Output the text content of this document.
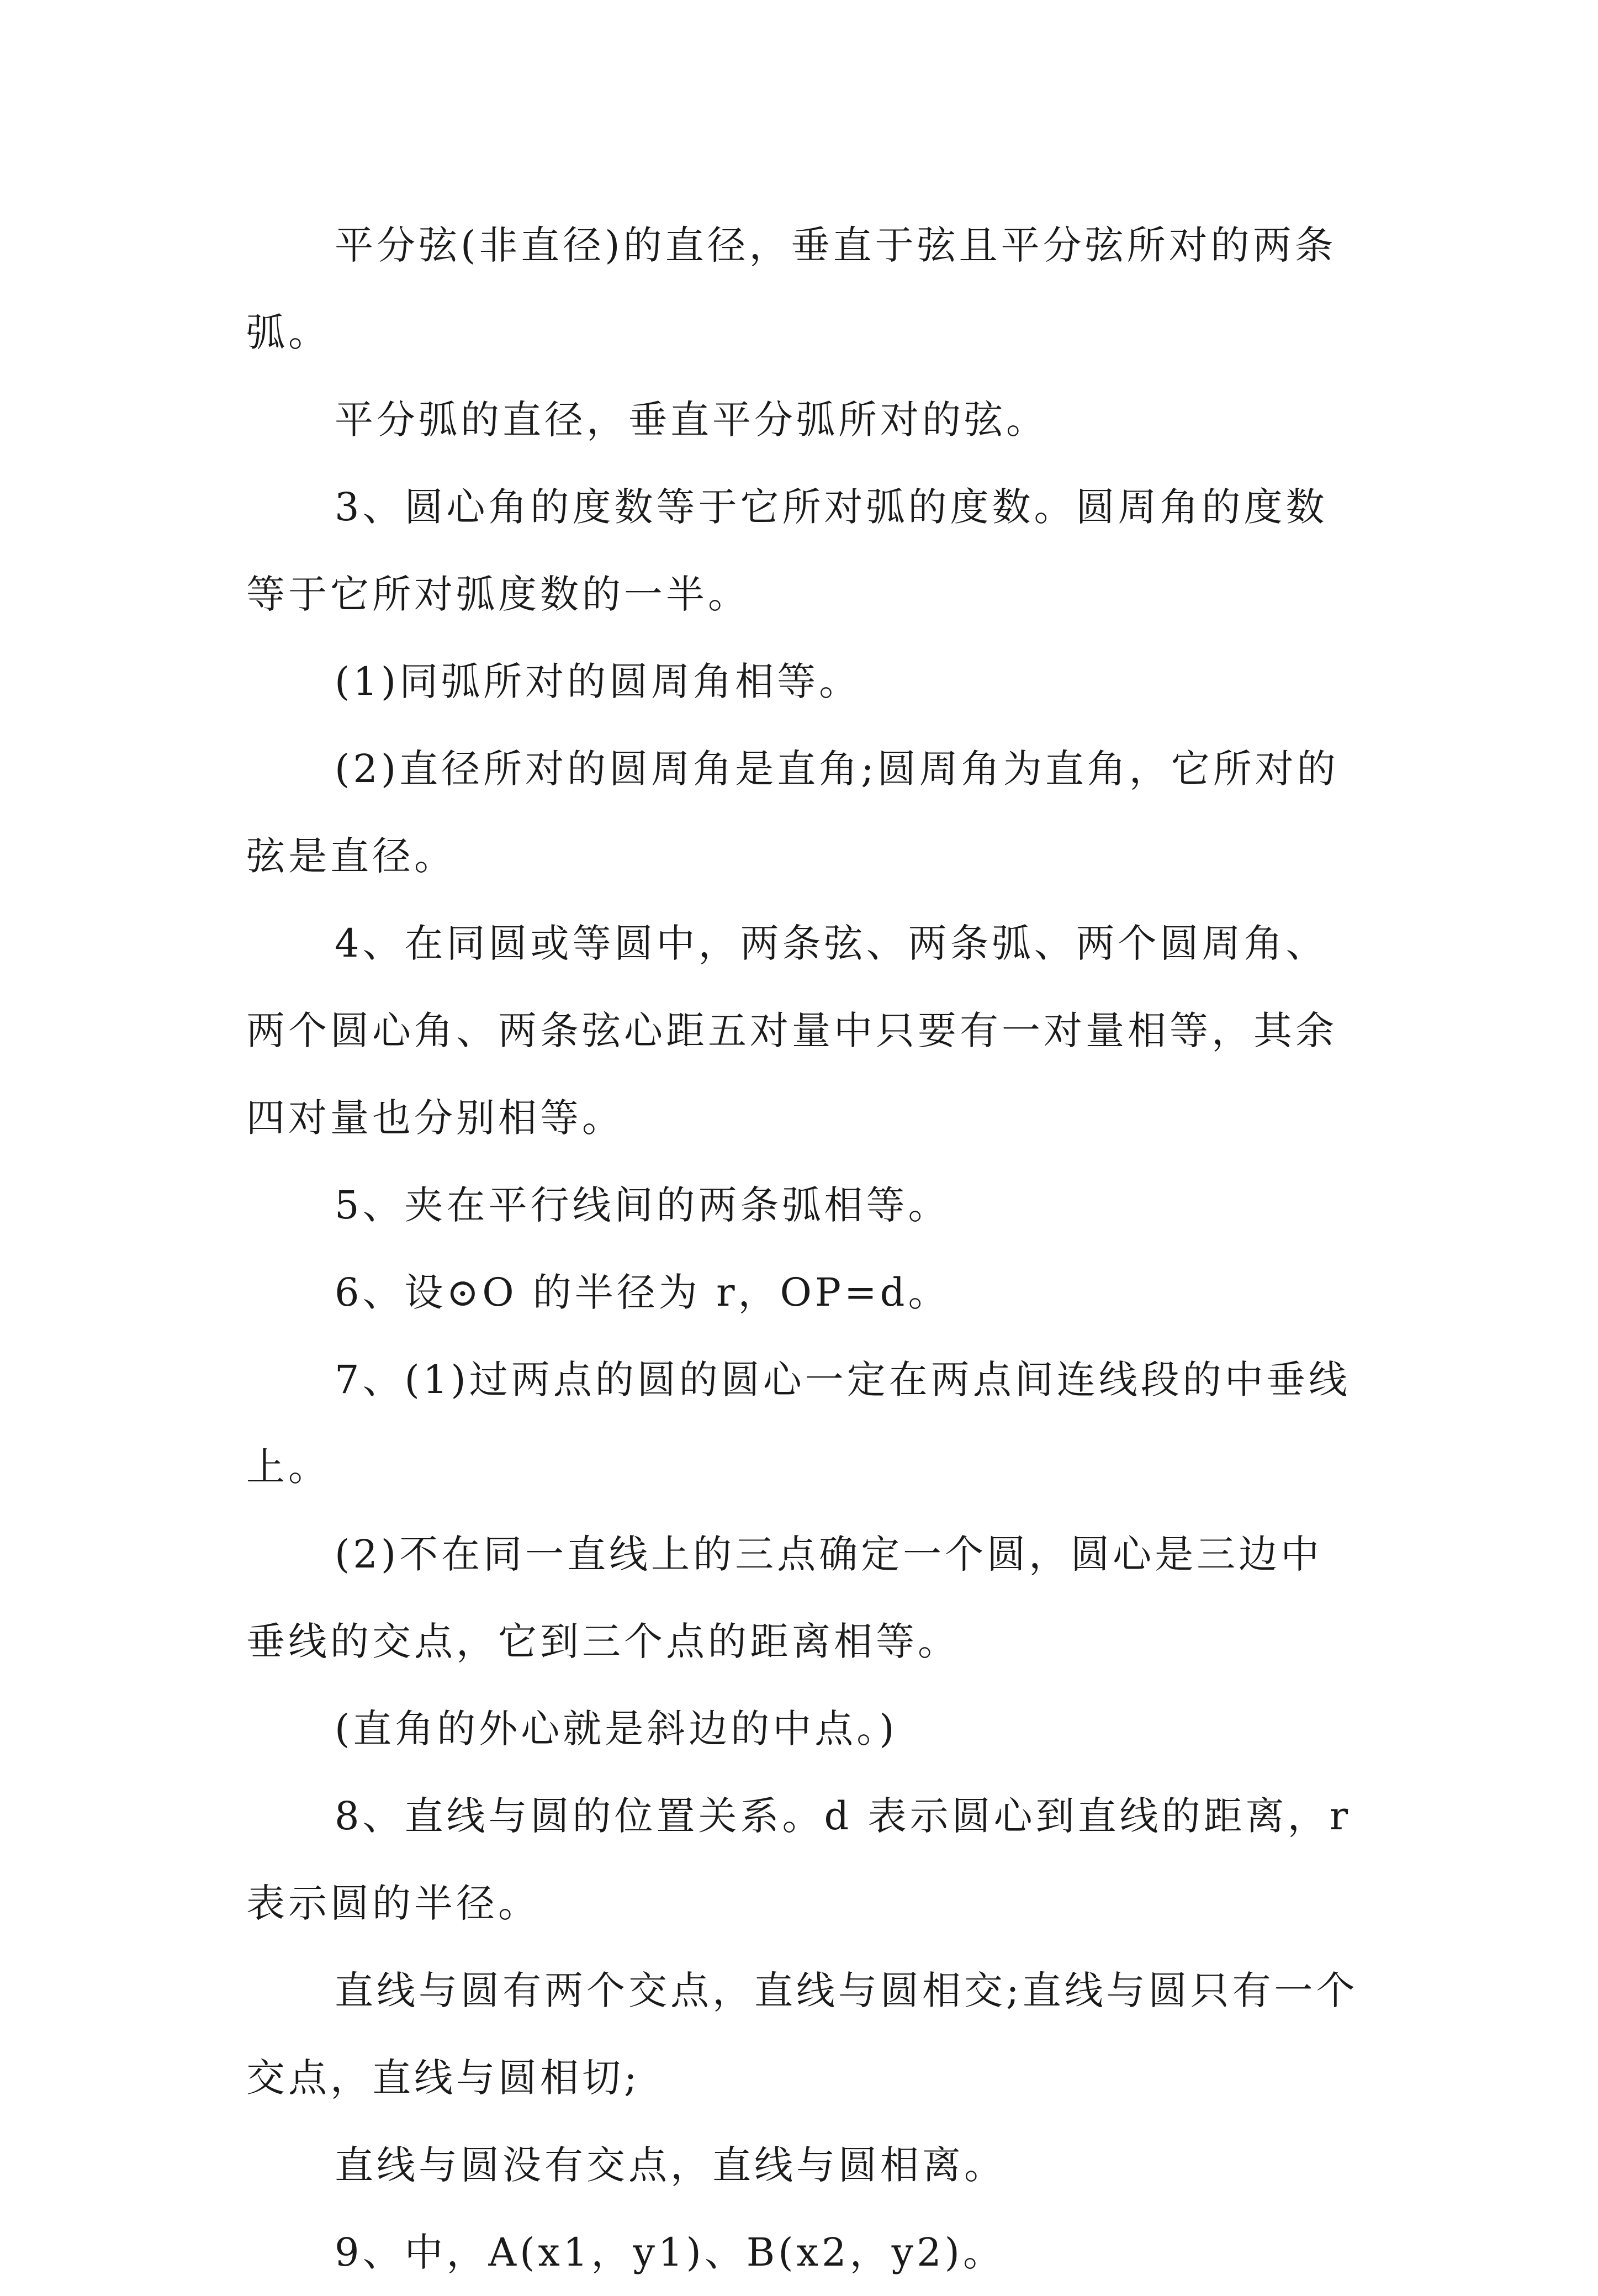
平分弦(非直径)的直径，垂直于弦且平分弦所对的两条弧。

平分弧的直径，垂直平分弧所对的弦。

3、圆心角的度数等于它所对弧的度数。圆周角的度数等于它所对弧度数的一半。

(1)同弧所对的圆周角相等。

(2)直径所对的圆周角是直角;圆周角为直角，它所对的弦是直径。

4、在同圆或等圆中，两条弦、两条弧、两个圆周角、两个圆心角、两条弦心距五对量中只要有一对量相等，其余四对量也分别相等。

5、夹在平行线间的两条弧相等。

6、设⊙O 的半径为 r，OP=d。

7、(1)过两点的圆的圆心一定在两点间连线段的中垂线上。

(2)不在同一直线上的三点确定一个圆，圆心是三边中垂线的交点，它到三个点的距离相等。

(直角的外心就是斜边的中点。)

8、直线与圆的位置关系。d 表示圆心到直线的距离，r 表示圆的半径。

直线与圆有两个交点，直线与圆相交;直线与圆只有一个交点，直线与圆相切;

直线与圆没有交点，直线与圆相离。

9、中，A(x1，y1)、B(x2，y2)。
